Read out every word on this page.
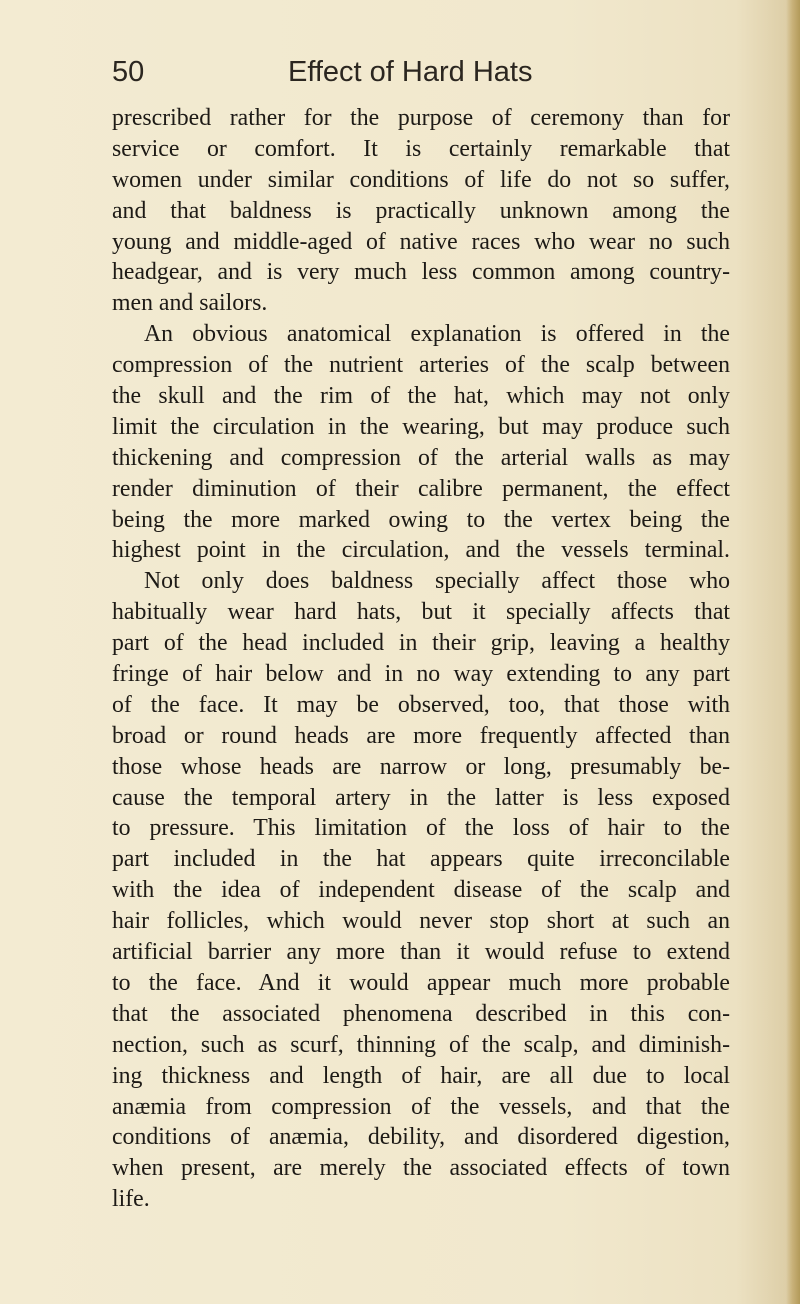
50	Effect of Hard Hats
prescribed rather for the purpose of ceremony than for
service or comfort. It is certainly remarkable that
women under similar conditions of life do not so suffer,
and that baldness is practically unknown among the
young and middle-aged of native races who wear no such
headgear, and is very much less common among country-
men and sailors.
An obvious anatomical explanation is offered in the
compression of the nutrient arteries of the scalp between
the skull and the rim of the hat, which may not only
limit the circulation in the wearing, but may produce such
thickening and compression of the arterial walls as may
render diminution of their calibre permanent, the effect
being the more marked owing to the vertex being the
highest point in the circulation, and the vessels terminal.
Not only does baldness specially affect those who
habitually wear hard hats, but it specially affects that
part of the head included in their grip, leaving a healthy
fringe of hair below and in no way extending to any part
of the face. It may be observed, too, that those with
broad or round heads are more frequently affected than
those whose heads are narrow or long, presumably be-
cause the temporal artery in the latter is less exposed
to pressure. This limitation of the loss of hair to the
part included in the hat appears quite irreconcilable
with the idea of independent disease of the scalp and
hair follicles, which would never stop short at such an
artificial barrier any more than it would refuse to extend
to the face. And it would appear much more probable
that the associated phenomena described in this con-
nection, such as scurf, thinning of the scalp, and diminish-
ing thickness and length of hair, are all due to local
anæmia from compression of the vessels, and that the
conditions of anæmia, debility, and disordered digestion,
when present, are merely the associated effects of town
life.
